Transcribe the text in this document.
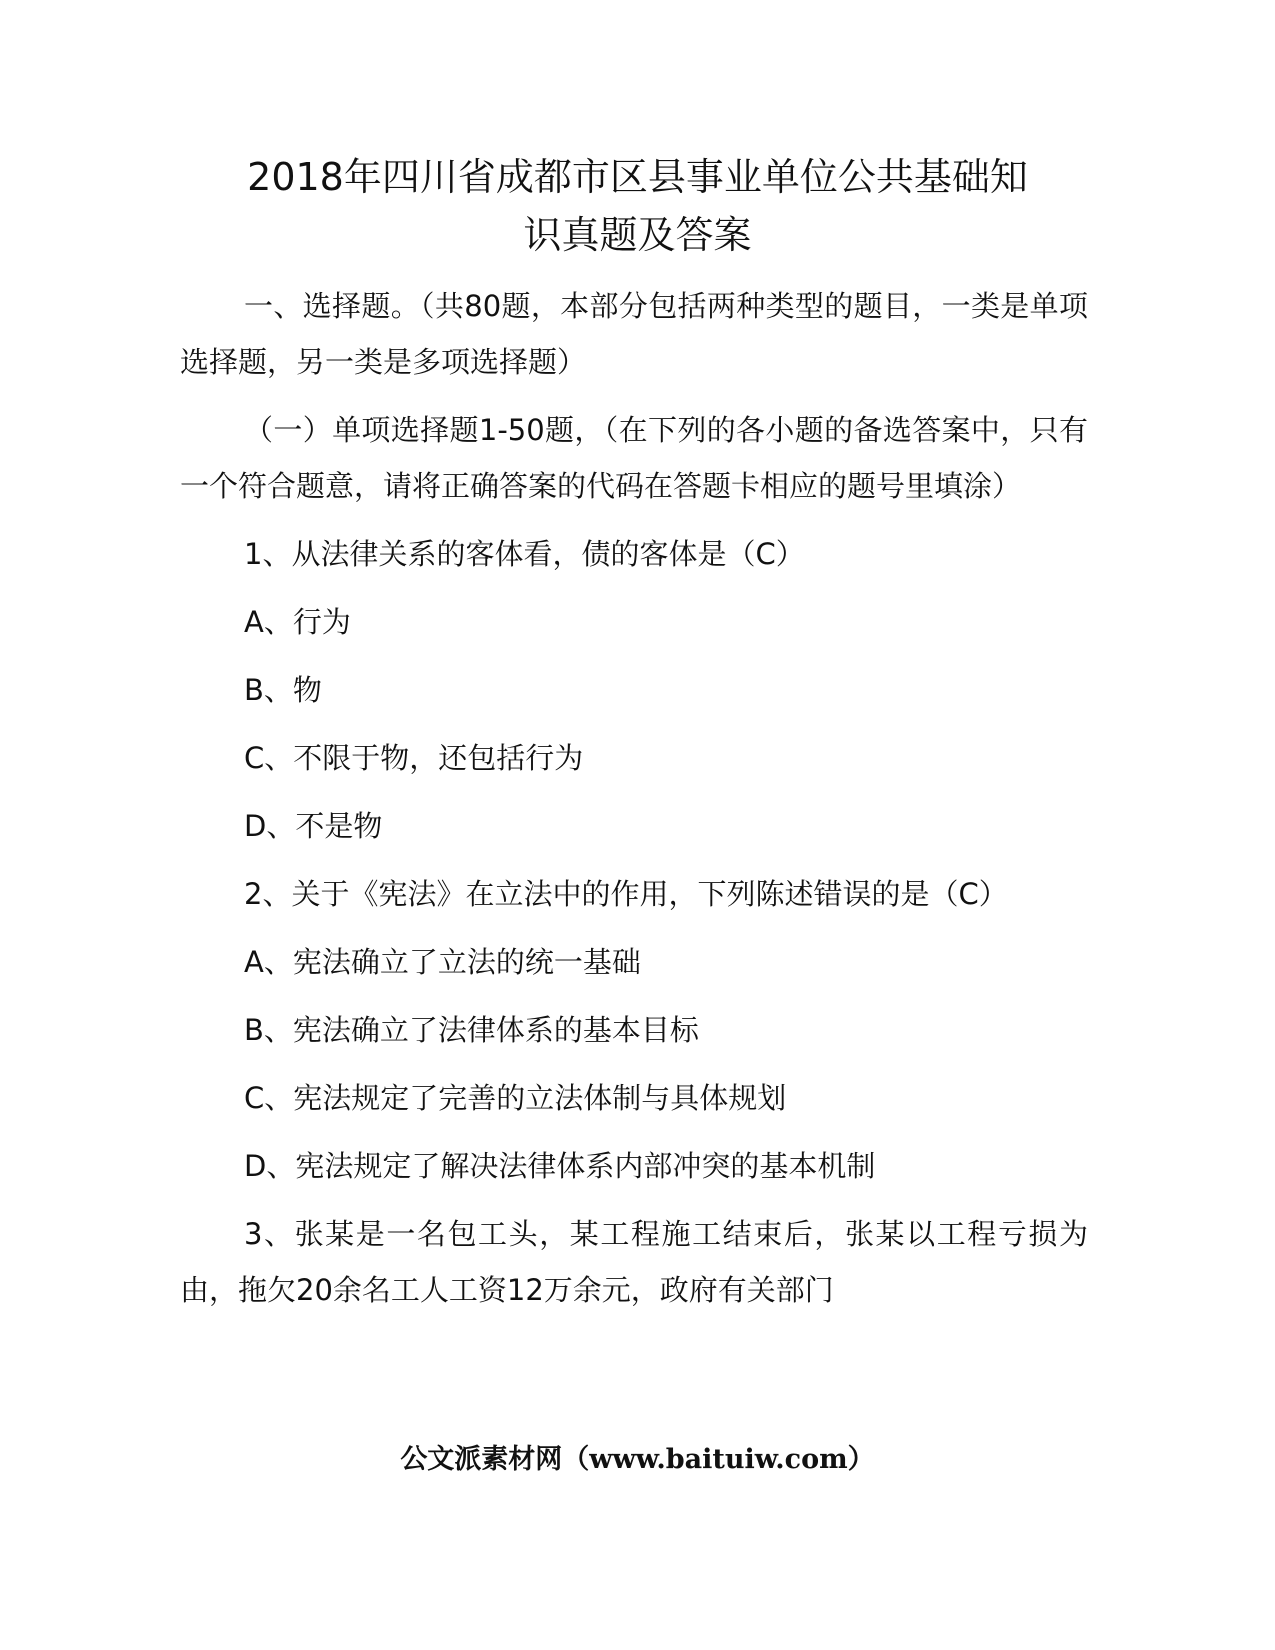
2018年四川省成都市区县事业单位公共基础知
识真题及答案

一、选择题。（共80题，本部分包括两种类型的题目，一类是单项选择题，另一类是多项选择题）

（一）单项选择题1-50题，（在下列的各小题的备选答案中，只有一个符合题意，请将正确答案的代码在答题卡相应的题号里填涂）

1、从法律关系的客体看，债的客体是（C）

A、行为

B、物

C、不限于物，还包括行为

D、不是物

2、关于《宪法》在立法中的作用，下列陈述错误的是（C）

A、宪法确立了立法的统一基础

B、宪法确立了法律体系的基本目标

C、宪法规定了完善的立法体制与具体规划

D、宪法规定了解决法律体系内部冲突的基本机制

3、张某是一名包工头，某工程施工结束后，张某以工程亏损为由，拖欠20余名工人工资12万余元，政府有关部门

公文派素材网（www.baituiw.com）
